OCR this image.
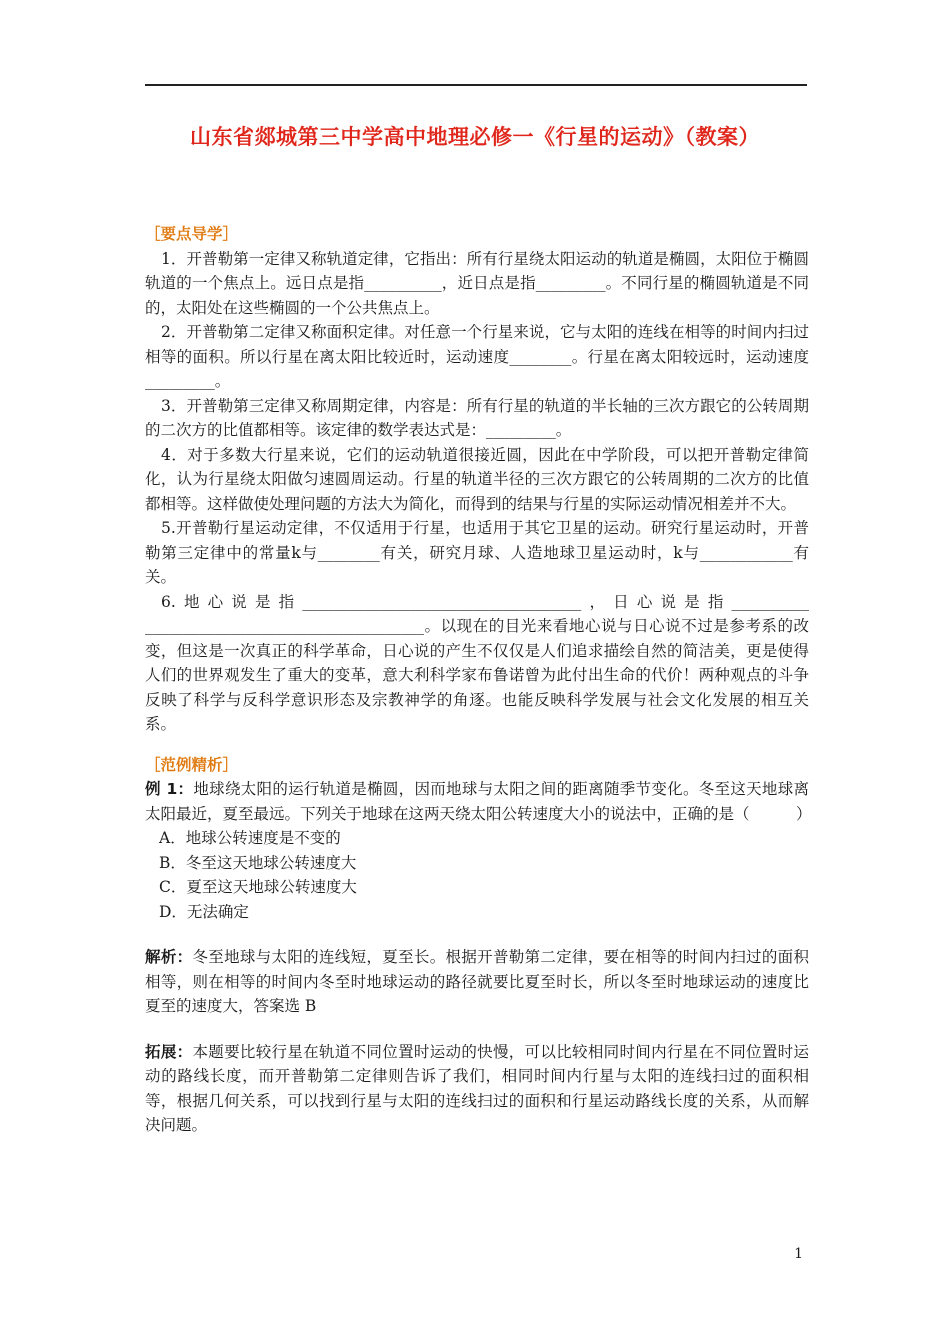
山东省郯城第三中学高中地理必修一《行星的运动》（教案）
［要点导学］

1．开普勒第一定律又称轨道定律，它指出：所有行星绕太阳运动的轨道是椭圆，太阳位于椭圆轨道的一个焦点上。远日点是指__________，近日点是指_________。不同行星的椭圆轨道是不同的，太阳处在这些椭圆的一个公共焦点上。

2．开普勒第二定律又称面积定律。对任意一个行星来说，它与太阳的连线在相等的时间内扫过相等的面积。所以行星在离太阳比较近时，运动速度________。行星在离太阳较远时，运动速度_________。

3．开普勒第三定律又称周期定律，内容是：所有行星的轨道的半长轴的三次方跟它的公转周期的二次方的比值都相等。该定律的数学表达式是：_________。

4．对于多数大行星来说，它们的运动轨道很接近圆，因此在中学阶段，可以把开普勒定律简化，认为行星绕太阳做匀速圆周运动。行星的轨道半径的三次方跟它的公转周期的二次方的比值都相等。这样做使处理问题的方法大为简化，而得到的结果与行星的实际运动情况相差并不大。

5.开普勒行星运动定律，不仅适用于行星，也适用于其它卫星的运动。研究行星运动时，开普勒第三定律中的常量k与________有关，研究月球、人造地球卫星运动时，k与____________有关。

6.地心说是指____________________________________，日心说是指__________ ____________________________________。以现在的目光来看地心说与日心说不过是参考系的改变，但这是一次真正的科学革命，日心说的产生不仅仅是人们追求描绘自然的简洁美，更是使得人们的世界观发生了重大的变革，意大利科学家布鲁诺曾为此付出生命的代价！两种观点的斗争反映了科学与反科学意识形态及宗教神学的角逐。也能反映科学发展与社会文化发展的相互关系。

［范例精析］

例 1：地球绕太阳的运行轨道是椭圆，因而地球与太阳之间的距离随季节变化。冬至这天地球离太阳最近，夏至最远。下列关于地球在这两天绕太阳公转速度大小的说法中，正确的是（　　　）

A．地球公转速度是不变的

B．冬至这天地球公转速度大

C．夏至这天地球公转速度大

D．无法确定

解析：冬至地球与太阳的连线短，夏至长。根据开普勒第二定律，要在相等的时间内扫过的面积相等，则在相等的时间内冬至时地球运动的路径就要比夏至时长，所以冬至时地球运动的速度比夏至的速度大，答案选 B

拓展：本题要比较行星在轨道不同位置时运动的快慢，可以比较相同时间内行星在不同位置时运动的路线长度，而开普勒第二定律则告诉了我们，相同时间内行星与太阳的连线扫过的面积相等，根据几何关系，可以找到行星与太阳的连线扫过的面积和行星运动路线长度的关系，从而解决问题。

1
